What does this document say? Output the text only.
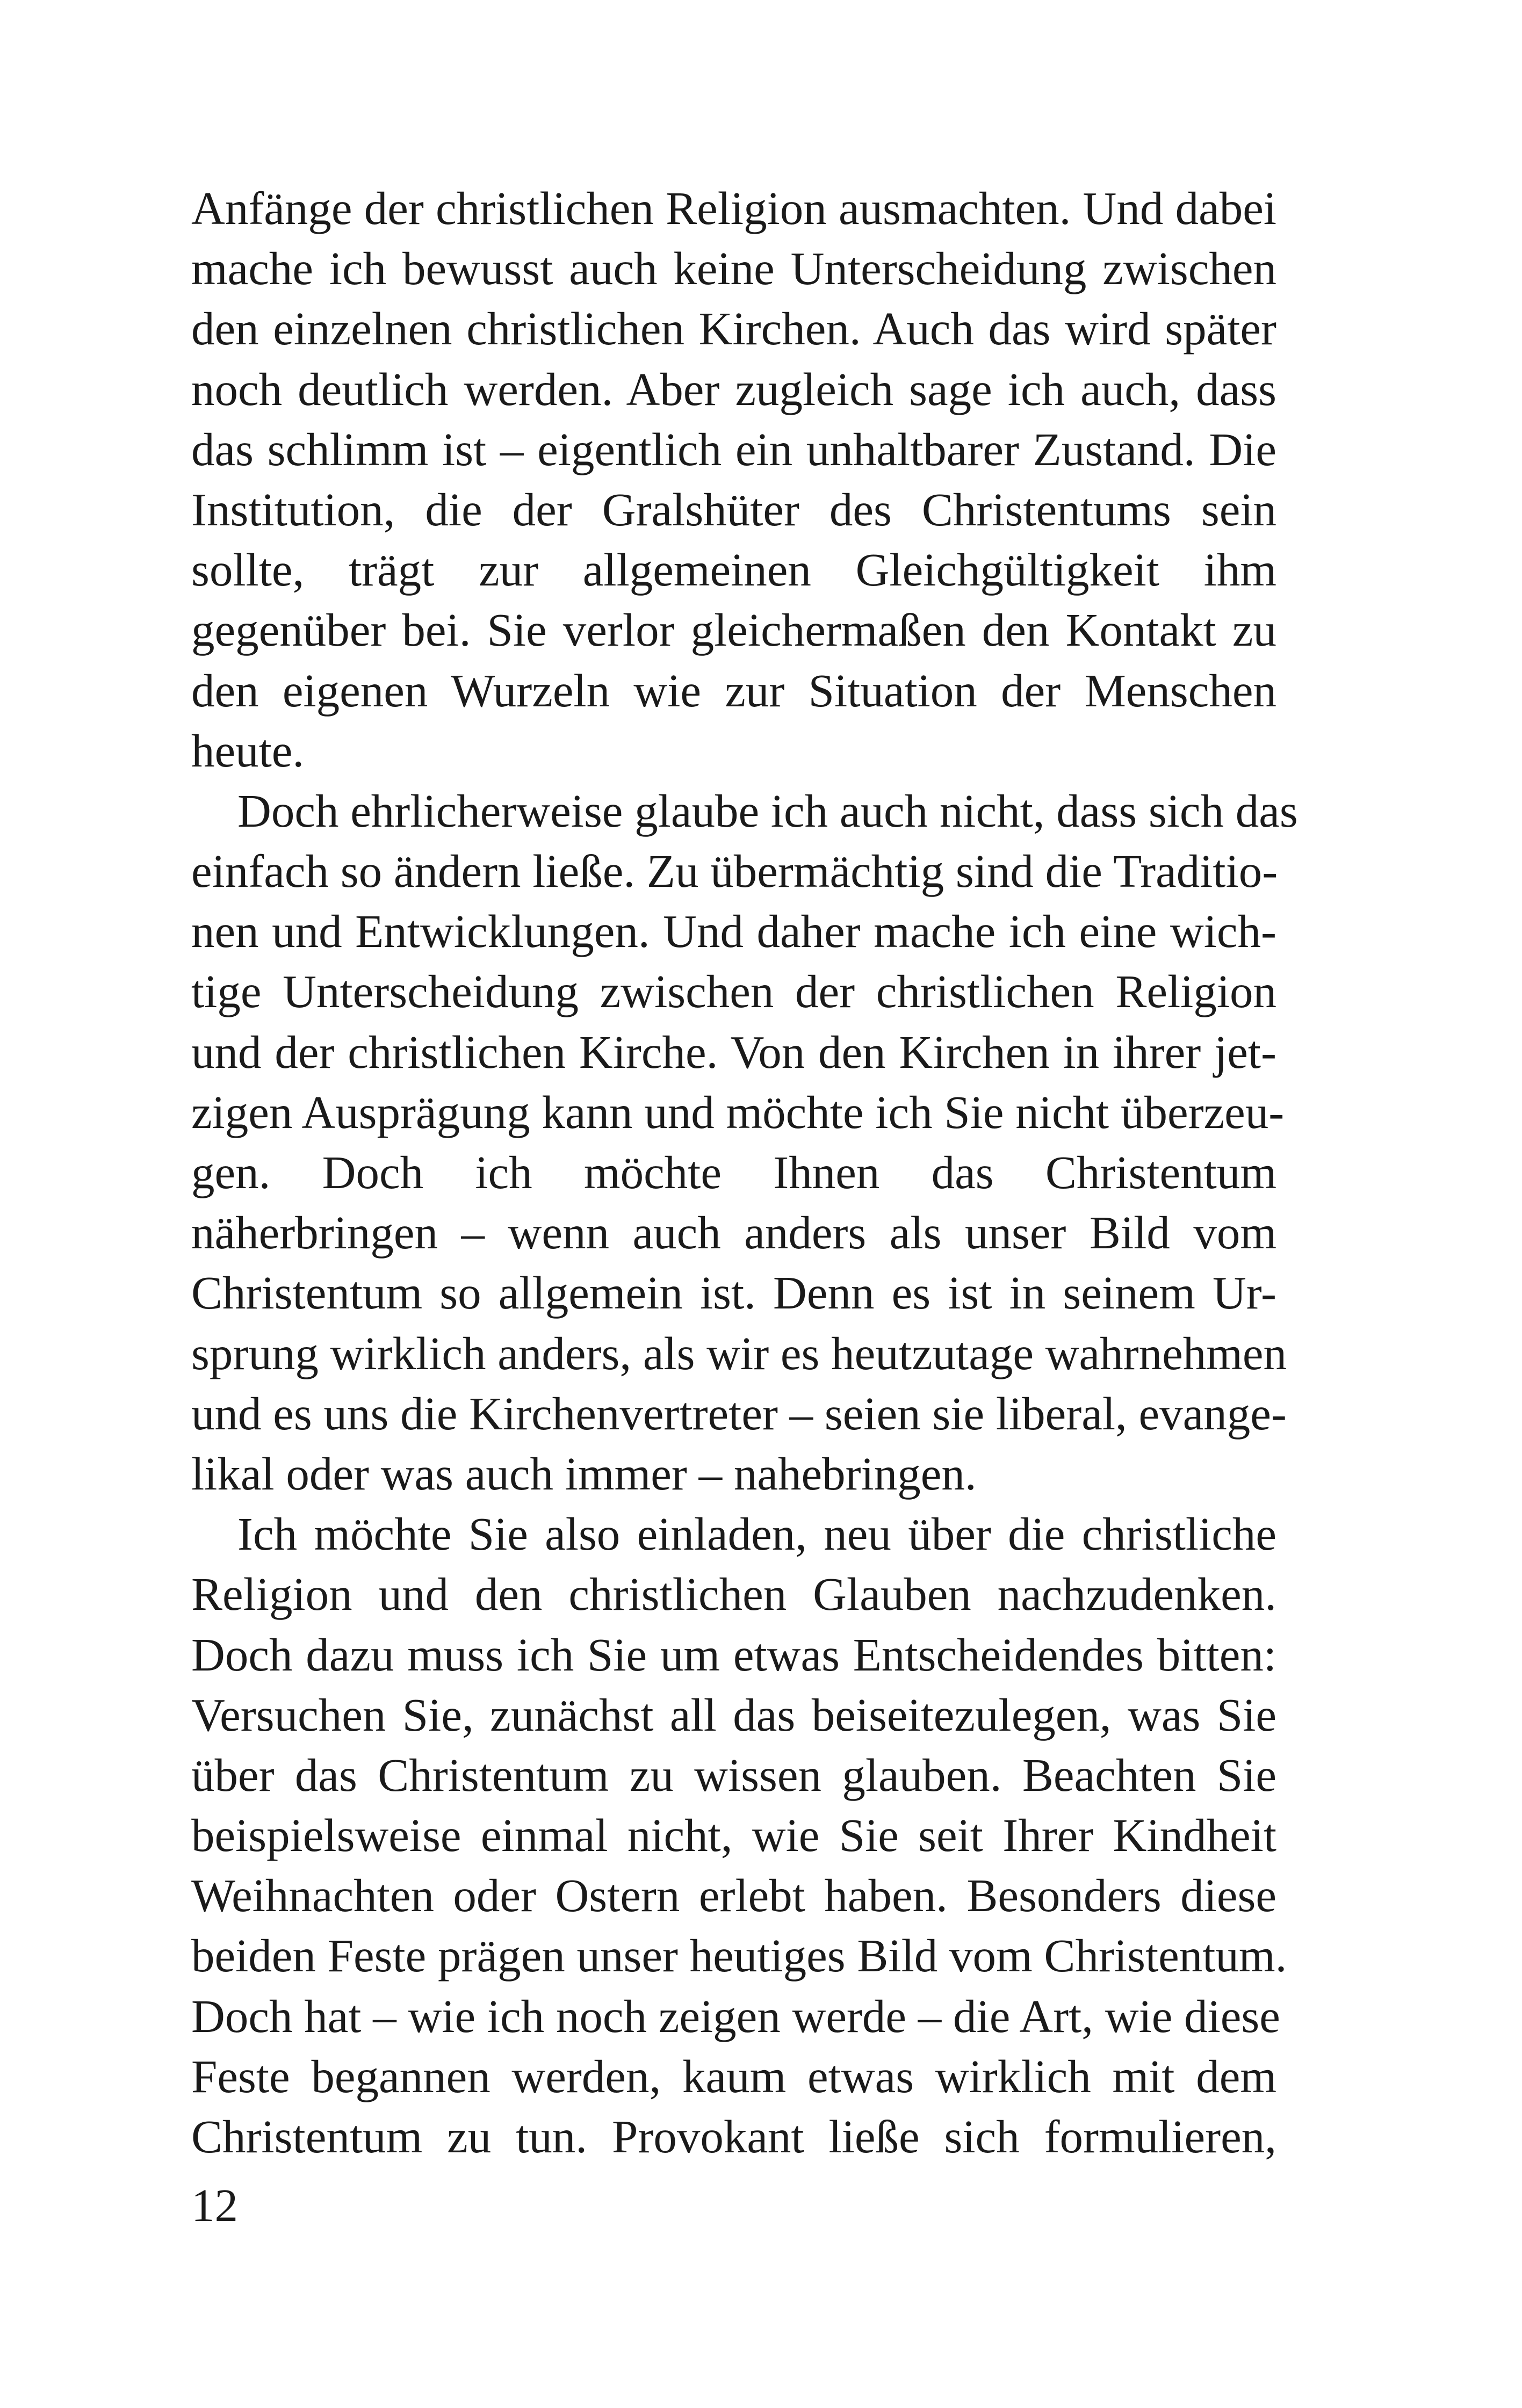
Anfänge der christlichen Religion ausmachten. Und dabei
mache ich bewusst auch keine Unterscheidung zwischen
den einzelnen christlichen Kirchen. Auch das wird später
noch deutlich werden. Aber zugleich sage ich auch, dass
das schlimm ist – eigentlich ein unhaltbarer Zustand. Die
Institution, die der Gralshüter des Christentums sein
sollte, trägt zur allgemeinen Gleichgültigkeit ihm
gegenüber bei. Sie verlor gleichermaßen den Kontakt zu
den eigenen Wurzeln wie zur Situation der Menschen
heute.
Doch ehrlicherweise glaube ich auch nicht, dass sich das
einfach so ändern ließe. Zu übermächtig sind die Traditio-
nen und Entwicklungen. Und daher mache ich eine wich-
tige Unterscheidung zwischen der christlichen Religion
und der christlichen Kirche. Von den Kirchen in ihrer jet-
zigen Ausprägung kann und möchte ich Sie nicht überzeu-
gen. Doch ich möchte Ihnen das Christentum
näherbringen – wenn auch anders als unser Bild vom
Christentum so allgemein ist. Denn es ist in seinem Ur-
sprung wirklich anders, als wir es heutzutage wahrnehmen
und es uns die Kirchenvertreter – seien sie liberal, evange-
likal oder was auch immer – nahebringen.
Ich möchte Sie also einladen, neu über die christliche
Religion und den christlichen Glauben nachzudenken.
Doch dazu muss ich Sie um etwas Entscheidendes bitten:
Versuchen Sie, zunächst all das beiseitezulegen, was Sie
über das Christentum zu wissen glauben. Beachten Sie
beispielsweise einmal nicht, wie Sie seit Ihrer Kindheit
Weihnachten oder Ostern erlebt haben. Besonders diese
beiden Feste prägen unser heutiges Bild vom Christentum.
Doch hat – wie ich noch zeigen werde – die Art, wie diese
Feste begannen werden, kaum etwas wirklich mit dem
Christentum zu tun. Provokant ließe sich formulieren,
12
